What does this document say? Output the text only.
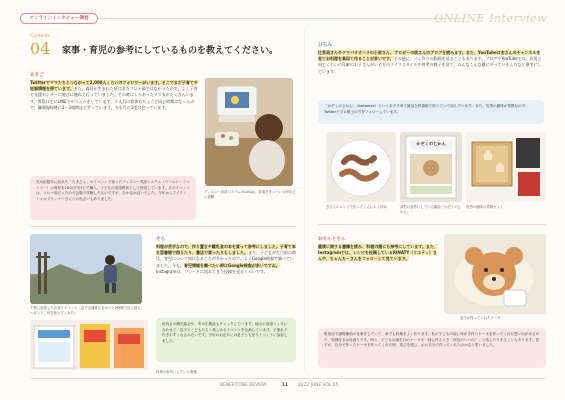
オンラインインタビュー調査	ONLINE Interview
Contents
04 家事・育児の参考にしているものを教えてください。
あきご
Twitterでママたちとつながって2,000人くらいのフォロワーがいます。そこでまだ子育てや妊娠情報を得ています。また、義母が生まれた頃はまだコロナ禍ではなかったので、よく子育て支援センターに遊びに連れて行っていました。その時にしりあったママ友がたくさんいます。普段は主にLINEでやりとりをしています。２人目の育休もちょうど同じ時期になったので、職場復帰後に1〜2週間ほど会っています。今も月に1度は会っています。
ディズニー英語システムのDVDは、食事を作っている時などに視聴
長女結婚年に訪れた「たまひよ」のイベントで知ったディズニー英語システム（ワールド・ファミリー）の教材を100万円ほどで購入。子どもの英語教育として使用しています。そのイベントは、コロナ前だったので会場で体験したものですが、なかなか良いでした。今年からアイランシャルプランナーさんとの出会いもありました。
千秋に参加した山登りイベント（息子は通常ちをかうと2時間で自ら頂上へ行って、母を迎えてくれた）
そら
料理が苦手なので、作り置きや離乳食の本を買って参考にしました。子育て本を図書館で借りたり、書店で買ったりもしました。また、子どもが生日前の時は、育児について知になることが多かったので、よくGoogle検索で調べていました。今も、育児情報を調べたい時はGoogle検索が多いですね。Instagramは、フィードに流れてきた投稿を見るくらいです。
町内会の観光協会や、市の広報誌もチェックしています。地元の旧道マップに合わせて、息子とこどもたちと楽しめるイベントを企画しています。子連れで行きやすくなるみたいです。今年のお正月には息子とも登りイベントに参加しました。
料理の参考にしている書籍
ひろみ
辻希美さんやクワバタオハラの小原さん、ブロガーの桃さんのブログを読みます。また、YouTubeは杏さんのチャンネルを見てお料理を真似て作ることが多いです。その他に、パン作りの動画を見ることもあります。ブログやYouTubeでは、次男と同じくらいの年齢のお子さんがいる方のライフスタイルや育児の様子を見て、みんなこんな風にやっているんだなと参考にしています。
「かぞくのじかん」（kodomoe）という本で子育て雑誌を図書館で借りていて読んでいます。また、長男の趣味が将棋なので、Twitterでプロ棋士の方をフォローしています。
かぞくのじかん
杏さんのレシピで作ったこんにゃく炒め	育児の参考にしている雑誌「かぞくのじかん」
長男の趣味の将棋セット
おてんとさん
健康に関する書籍を読み、料理の際にも参考にしています。また、Instagramでは、レシピを投稿しているRINATY（リエティ）さんや、ちゃんちーさんをフォローして見ています。
息子が作ってくれたケーキ
飲食店で調理補助の仕事をしていて、家でも料理をよく作ります。私が子どもの頃に母が手作りケーキを作ってくれた思い出があるので、料理好きは母譲りです。時々、子どもの誕生日のケーキを一緒に作るとき「何色がいいの？」と話したりすることもあります。息子が、自分で作ったケーキを作ってくれた時、喜びを感じ、おお自分で作ってくれたのかなと思いました。
BENEFITONE REVIEW	11 2022 JUNE VOL.65
